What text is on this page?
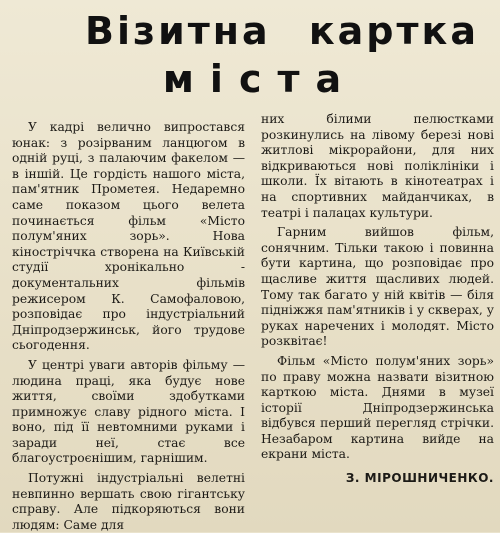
Візитна картка
міста

У кадрі велично випростався юнак: з розірваним ланцюгом в одній руці, з палаючим факелом — в іншій. Це гордість нашого міста, пам'ятник Прометея. Недаремно саме показом цього велета починається фільм «Місто полум'яних зорь». Нова кіностріччка створена на Київській студії хронікально - документальних фільмів режисером К. Самофаловою, розповідає про індустріальний Дніпродзержинськ, його трудове сьогодення.

У центрі уваги авторів фільму — людина праці, яка будує нове життя, своїми здобутками примножує славу рідного міста. І воно, під її невтомними руками і заради неї, стає все благоустроєнішим, гарнішим.

Потужні індустріальні велетні невпинно вершать свою гігантську справу. Але підкоряються вони людям: Саме для

них білими пелюстками розкинулись на лівому березі нові житлові мікрорайони, для них відкриваються нові поліклініки і школи. Їх вітають в кінотеатрах і на спортивних майданчиках, в театрі і палацах культури.

Гарним вийшов фільм, сонячним. Тільки такою і повинна бути картина, що розповідає про щасливе життя щасливих людей. Тому так багато у ній квітів — біля підніжжя пам'ятників і у скверах, у руках наречених і молодят. Місто розквітає!

Фільм «Місто полум'яних зорь» по праву можна назвати візитною карткою міста. Днями в музеї історії Дніпродзержинська відбувся перший перегляд стрічки. Незабаром картина вийде на екрани міста.

З. МІРОШНИЧЕНКО.
